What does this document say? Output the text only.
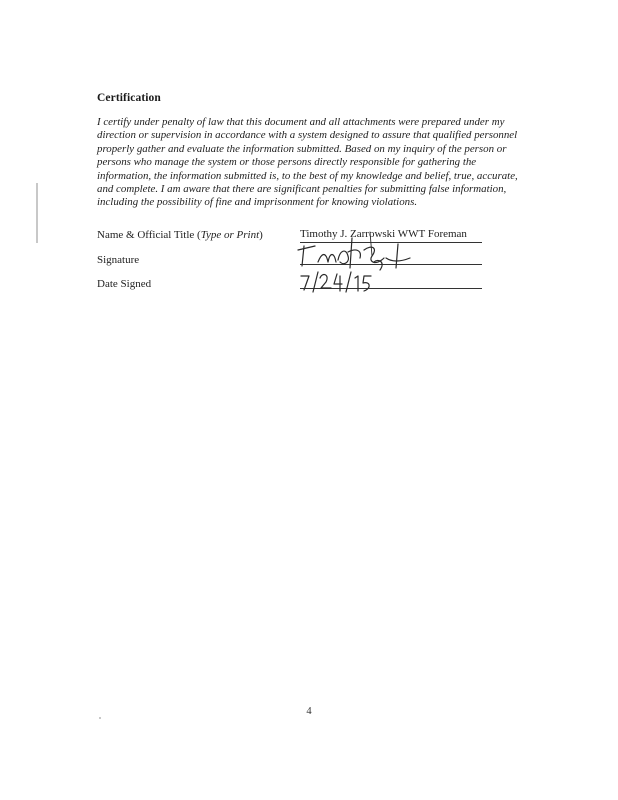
Certification
I certify under penalty of law that this document and all attachments were prepared under my
direction or supervision in accordance with a system designed to assure that qualified personnel
properly gather and evaluate the information submitted. Based on my inquiry of the person or
persons who manage the system or those persons directly responsible for gathering the
information, the information submitted is, to the best of my knowledge and belief, true, accurate,
and complete. I am aware that there are significant penalties for submitting false information,
including the possibility of fine and imprisonment for knowing violations.
Name & Official Title (Type or Print)	Timothy J. Zarrowski WWT Foreman
Signature
Date Signed
4
